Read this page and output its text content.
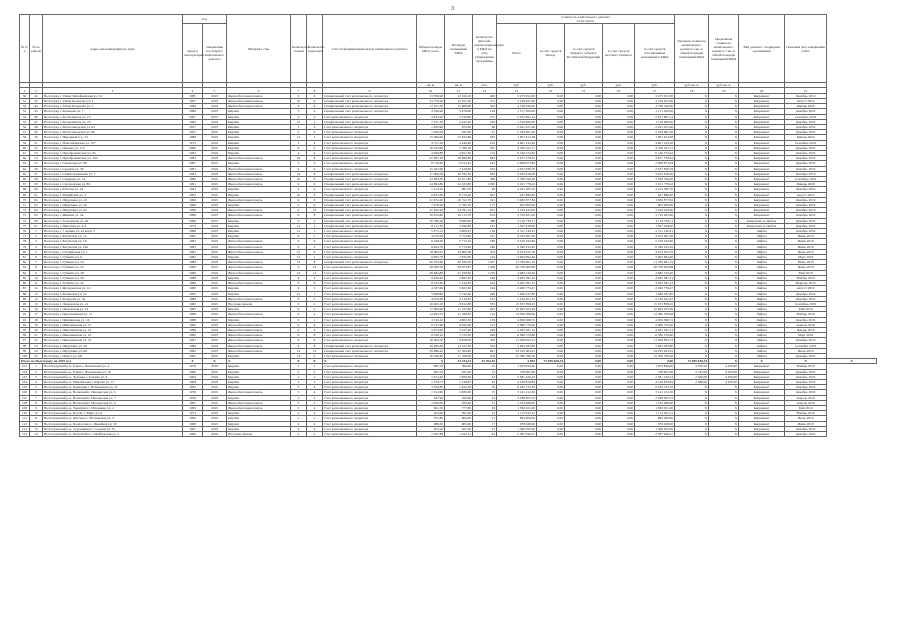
3
№ п/п	№ по району	Адрес многоквартирного дома	Год		Материал стен	Количество этажей	Количество подъездов	Способ формирования фонда капитального ремонта	Общая площадь МКД, всего	Площадь помещений МКД	Количество жителей, зарегистрированных в МКД на дату утверждения программы	Стоимость капитального ремонта
в том числе:					Удельная стоимость капитального ремонта 1 кв. м общей площади помещений МКД	Предельная стоимость капитального ремонта 1 кв. м общей площади помещений МКД	Вид ремонта / подрядная организация	Плановая дата завершения работ	
			ввода в эксплуатацию	завершения последнего капитального ремонта								Всего	за счет средств Фонда	за счет средств бюджета субъекта Российской Федерации	за счет средств местного бюджета	за счет средств собственников помещений в МКД					
									кв. м	кв. м	чел.	руб.	руб.	руб.	руб.	руб.	руб./кв. м	руб./кв. м			
1	2	3	4	5	6	7	8	9	10	11	12	13	14	15	16	17	18	19	20	21	
50	42	Волгоград г, Улица Тимофеевская ул, 52	1985	2019	Железобетонная панель	9	6	Специальный счет регионального оператора	13 766,90	12 016,20	460	3 475 952,00	0,00	0,00	0,00	3 475 952,00	X	X	Капремонт	Октябрь 2019	
51	43	Волгоград г, Улица Кольцова ул, 3	1997	2019	Железобетонная панель	10	6	Специальный счет регионального оператора	13 776,20	12 451,50	511	3 518 461,00	0,00	0,00	0,00	3 518 461,00	X	X	Капремонт	Август 2019	
52	44	Волгоград г, Улица Кольцова ул, 5	1996	2019	Железобетонная панель	9	6	Специальный счет регионального оператора	17 911,50	15 968,60	502	4 728 344,00	0,00	0,00	0,00	4 728 344,00	X	X	Капремонт	Январь 2020	
53	45	Волгоград г, Кольцова ул, 7	1989	2019	Кирпич	5	4	Специальный счет регионального оператора	4 596,90	3 478,60	149	1 171 500,00	0,00	0,00	0,00	1 171 500,00	X	X	Капремонт	Декабрь 2019	
54	46	Волгоград г, Космонавтов ул, 15	1967	2019	Кирпич	5	3	Счет регионального оператора	4 843,20	3 239,80	275	2 431 891,14	0,00	0,00	0,00	2 431 891,14	X	X	Капремонт	Сентябрь 2019	
55	47	Волгоград г, Космонавтов ул, 23	1982	2019	Кирпич	12	1	Специальный счет регионального оператора	7 537,30	4 412,20	226	1 310 000,00	0,00	0,00	0,00	1 310 000,00	X	X	Капремонт	Декабрь 2019	
56	48	Волгоград г, Мачтозаводская ул, 64	1957	2019	Кирпич	3	4	Счет регионального оператора	1 400,90	970,60	66	2 421 451,40	0,00	0,00	0,00	2 421 451,40	X	X	Капремонт	Декабрь 2019	
57	49	Волгоград г, Мачтозаводская ул, 66	1957	2019	Кирпич	3	4	Счет регионального оператора	1 408,50	932,50	47	2 544 681,20	0,00	0,00	0,00	2 544 681,20	X	X	Капремонт	Декабрь 2019	
58	50	Волгоград г, Народный б-р, 74	1988	2019	Кирпич	14	1	Счет регионального оператора	15 966,00	12 645,80	583	1 607 614,38	0,00	0,00	0,00	1 607 614,38	X	X	Капремонт	Январь 2020	
59	51	Волгоград г, Новосибирская ул, 127	1975	2019	Кирпич	5	4	Счет регионального оператора	4 751,20	4 440,60	232	4 601 143,20	0,00	0,00	0,00	4 601 143,20	X	X	Капремонт	Сентябрь 2019	
60	52	Волгоград г, Пельше ул, 115	2006	2019	Кирпич	9	5	Счет регионального оператора	10 242,90	7 786,10	307	4 760 161,17	0,00	0,00	0,00	4 760 161,17	X	X	Капремонт	Декабрь 2019	
61	53	Волгоград г, Преображенская ул, 85	1963	2019	Кирпич	4	4	Счет регионального оператора	4 296,80	2 951,50	115	6 140 374,62	0,00	0,00	0,00	6 140 374,62	X	X	Капремонт	Декабрь 2019	
62	54	Волгоград г, Преображенская ул, 102	1984	2019	Железобетонная панель	10	8	Счет регионального оператора	21 967,30	18 699,80	683	4 677 578,52	0,00	0,00	0,00	4 677 578,52	X	X	Капремонт	Декабрь 2019	
63	55	Волгоград г, Саренская ул, 86	1987	2019	Кирпич	5	6	Счет регионального оператора	8 718,40	6 014,45	162	2 969 873,84	0,00	0,00	0,00	2 969 873,84	X	X	Капремонт	Декабрь 2019	
64	56	Волгоград г, Садовая ул, 36	1981	2019	Железобетонная панель	9	6	Счет регионального оператора	15 181,90	7 429,90	354	2 677 836,79	0,00	0,00	0,00	2 677 836,79	X	X	Капремонт	Декабрь 2019	
65	57	Волгоград г, Семипалатинская ул, 7	2004	2019	Железобетонная панель	16	6	Специальный счет регионального оператора	17 000,00	16 334,30	605	3 023 616,00	0,00	0,00	0,00	3 023 616,00	X	X	Капремонт	Октябрь 2019	
66	58	Волгоград г, Северная ул, 14	1989	2019	Железобетонная панель	10	6	Специальный счет регионального оператора	12 984,50	10 671,80	386	3 798 796,00	0,00	0,00	0,00	3 798 796,00	X	X	Капремонт	Сентябрь 2019	
67	59	Волгоград г, Суворовская ул, 86	1991	2019	Железобетонная панель	9	6	Специальный счет регионального оператора	24 864,80	24 325,80	1 000	3 451 778,43	0,00	0,00	0,00	3 451 778,43	X	X	Капремонт	Январь 2020	
68	60	Волгоград г, Рабочая ул, 24	1963	2019	Кирпич	3	2	Счет регионального оператора	1 515,50	981,70	48	4 105 382,70	0,00	0,00	0,00	4 105 382,70	X	X	Капремонт	Декабрь 2019	
69	61	Волгоград г, Марийская ул, 3	2004	2019	Кирпич	10	3	Специальный счет регионального оператора	9 841,90	8 776,40	407	947 880,00	0,00	0,00	0,00	947 880,00	X	X	Капремонт	Август 2019	
70	62	Волгоград г, Шурухина ул, 10	1969	2019	Железобетонная панель	9	6	Специальный счет регионального оператора	21 672,20	16 741,70	521	3 065 877,84	0,00	0,00	0,00	3 065 877,84	X	X	Капремонт	Октябрь 2019	
71	63	Волгоград г, Шурухина ул, 20	1969	2019	Кирпич	5	6	Специальный счет регионального оператора	7 478,50	5 782,10	177	902 900,00	0,00	0,00	0,00	902 900,00	X	X	Капремонт	Декабрь 2019	
72	64	Волгоград г, Шурухина ул, 62	1996	2019	Железобетонная панель	9	12	Специальный счет регионального оператора	27 942,20	24 791,10	951	3 544 443,00	0,00	0,00	0,00	3 544 443,00	X	X	Капремонт	Октябрь 2019	
73	65	Волгоград г, Жилина ул, 34	1988	2019	Железобетонная панель	9	8	Специальный счет регионального оператора	18 810,80	16 113,70	674	3 750 461,00	0,00	0,00	0,00	3 750 461,00	X	X	Капремонт	Декабрь 2019	
74	66	Волгоград г, Хользунова ул, 40	1990	2019	Кирпич	9	2	Специальный счет регионального оператора	10 786,30	9 680,90	388	4 116 738,11	0,00	0,00	0,00	4 116 738,11	X	X	Капремонт и Лифты	Декабрь 2019	
75	67	Волгоград г, Шумская ул, 4/4	1979	2019	Кирпич	12	1	Специальный счет регионального оператора	8 111,30	7 090,80	181	1 307 918,00	0,00	0,00	0,00	1 307 918,00	X	X	Капремонт и Лифты	Декабрь 2019	
76	1	Волгоград г, 7 Армии ул, 24 корп. 3	1988	2019	Кирпич	12	1	Счет регионального оператора	5 375,13	3 906,03	136	2 311 136,41	0,00	0,00	0,00	2 311 136,41	X	X	Лифты	Декабрь 2019	
77	2	Волгоград г, Батумская ул, 14	1982	2019	Кирпич	9	1	Счет регионального оператора	4 076,26	3 754,60	107	4 455 481,50	0,00	0,00	0,00	4 455 481,50	X	X	Лифты	Июнь 2019	
78	3	Волгоград г, Батумская ул, 16	1983	2019	Железобетонная панель	9	6	Счет регионального оператора	6 166,90	5 715,10	180	2 316 192,90	0,00	0,00	0,00	2 316 192,90	X	X	Лифты	Июнь 2019	
79	4	Волгоград г, Батумская ул, 20а	1983	2019	Железобетонная панель	9	3	Счет регионального оператора	8 964,70	5 779,60	266	6 560 232,65	0,00	0,00	0,00	6 560 232,65	X	X	Лифты	Июнь 2019	
80	5	Волгоград г, Гагаринская ул, 1	1983	2019	Железобетонная панель	12	6	Счет регионального оператора	19 695,61	14 900,38	454	4 453 812,76	0,00	0,00	0,00	4 453 812,76	X	X	Лифты	Июль 2019	
81	6	Волгоград г, Губкина ул, 6	1982	2019	Кирпич	12	1	Счет регионального оператора	9 085,70	7 835,00	194	3 964 694,40	0,00	0,00	0,00	3 964 694,40	X	X	Лифты	Март 2019	
82	7	Волгоград г, Губкина ул, 34	1986	2019	Железобетонная панель	12	8	Специальный счет регионального оператора	20 703,60	20 160,30	1 457	11 769 601,19	0,00	0,00	0,00	11 769 601,19	X	X	Лифты	Июнь 2019	
83	8	Волгоград г, Губкина ул, 25	1984	2019	Железобетонная панель	9	14	Счет регионального оператора	38 280,20	28 873,87	1 368	26 758 406,88	0,00	0,00	0,00	26 758 406,88	X	X	Лифты	Июнь 2019	
84	9	Волгоград г, Губкина ул, 28	1986	2019	Железобетонная панель	12	14	Счет регионального оператора	28 684,80	27 918,60	1 279	4 982 519,40	0,00	0,00	0,00	4 982 519,40	X	X	Лифты	Май 2019	
85	10	Волгоград г, Губкина ул, 30	1988	2019	Кирпич	9	2	Счет регионального оператора	9 456,20	7 862,20	199	4 465 581,14	0,00	0,00	0,00	4 465 581,14	X	X	Лифты	Ноябрь 2019	
86	11	Волгоград г, Губкина ул, 32	1988	2019	Железобетонная панель	9	6	Счет регионального оператора	8 164,40	7 244,20	224	4 465 581,14	0,00	0,00	0,00	4 465 581,14	X	X	Лифты	Февраль 2019	
87	12	Волгоград г, Жолудевская ул, 14	1980	2019	Кирпич	9	2	Счет регионального оператора	4 187,60	3 603,30	196	2 266 776,47	0,00	0,00	0,00	2 266 776,47	X	X	Лифты	Август 2019	
88	13	Волгоград г, Кельнская ул, 12	1985	2019	Кирпич	12	1	Счет регионального оператора	5 698,80	5 742,40	209	1 466 247,85	0,00	0,00	0,00	1 466 247,85	X	X	Лифты	Декабрь 2019	
89	14	Волгоград г, Кольцова ул, 34	1988	2019	Железобетонная панель	9	2	Счет регионального оператора	4 076,26	3 116,65	107	2 216 201,25	0,00	0,00	0,00	2 216 201,25	X	X	Лифты	Декабрь 2019	
90	15	Волгоград г, Лавровская ул, 14	1982	2019	Несущие панели	9	2	Счет регионального оператора	10 463,18	8 612,80	355	15 672 858,45	0,00	0,00	0,00	15 672 858,45	X	X	Лифты	Сентябрь 2019	
91	16	Волгоград г, Лавровская ул, 16	1983	2019	Кирпич	9	5	Счет регионального оператора	17 090,00	11 531,80	225	10 693 023,36	0,00	0,00	0,00	10 693 023,36	X	X	Лифты	Май 2019	
92	17	Волгоград г, Первомайская ул, 11	1988	2019	Железобетонная панель	9	4	Счет регионального оператора	14 405,70	11 348,30	122	13 396 708,08	0,00	0,00	0,00	13 396 708,08	X	X	Лифты	Ноябрь 2019	
93	18	Волгоград г, Цимлянская ул, 16	1988	2019	Кирпич	9	1	Счет регионального оператора	3 316,10	4 803,50	139	4 656 368,72	0,00	0,00	0,00	4 656 368,72	X	X	Лифты	Декабрь 2019	
94	19	Волгоград г, Шекснинская ул, 15	1982	2019	Железобетонная панель	9	6	Счет регионального оператора	8 737,60	6 942,40	313	5 980 779,20	0,00	0,00	0,00	5 980 779,20	X	X	Лифты	Апрель 2019	
95	20	Волгоград г, Шекснинская ул, 16	1988	2019	Железобетонная панель	9	6	Счет регионального оператора	5 673,90	5 527,40	249	4 465 581,14	0,00	0,00	0,00	4 465 581,14	X	X	Лифты	Январь 2019	
96	21	Волгоград г, Шекснинская ул, 22	1982	2019	Железобетонная панель	9	8	Счет регионального оператора	9 740,10	5 723,30	304	6 380 579,60	0,00	0,00	0,00	6 380 579,60	X	X	Лифты	Март 2019	
97	22	Волгоград г, Шекснинская ул, 25	1981	2019	Железобетонная панель	9	6	Счет регионального оператора	10 094,50	9 828,00	306	11 028 852,15	0,00	0,00	0,00	11 028 852,15	X	X	Лифты	Октябрь 2019	
98	23	Волгоград г, Шурухина ул, 26	1986	2019	Железобетонная панель	9	8	Специальный счет регионального оператора	16 289,40	14 522,30	524	5 695 363,80	0,00	0,00	0,00	5 695 363,80	X	X	Лифты	Сентябрь 2019	
99	24	Волгоград г, Шурухина ул, 98	1982	2019	Железобетонная панель	12	12	Специальный счет регионального оператора	39 896,20	31 394,60	841	34 163 003,91	0,00	0,00	0,00	34 163 003,91	X	X	Лифты	Июль 2019	
100	25	Волгоград г, Щорса ул, 68	1985	2019	Кирпич	14	2	Счет регионального оператора	10 326,40	11 768,90	476	15 786 796,20	0,00	0,00	0,00	15 786 796,20	X	X	Лифты	Декабрь 2019	
Итого по Волгограду на 2019 год			X	X	X	X	X	X	X	34 234,23	25 704,16	2 692	73 059 628,34	0,00	0,00	0,00	73 059 628,34	X	X	X	X
101	1	Волгоградский р-н, Елань г, Вокзальная ул, 4	1979	2019	Кирпич	2	2	Счет регионального оператора	682,70	566,60	25	1 053 844,00	0,00	0,00	0,00	1 053 844,00	2 700,18	4 670,00	Капремонт	Ноябрь 2019	
102	2	Волгоградский р-н, Елань г, Вокзальная ул, 10	1986	2019	Кирпич	2	2	Счет регионального оператора	495,70	425,20	15	758 905,00	0,00	0,00	0,00	758 905,00	2 745,00	4 670,00	Капремонт	Декабрь 2019	
103	3	Волгоградский р-н, Дубовка г, Зеленая ул, 4	1964	2019	Кирпич	2	2	Счет регионального оператора	1 074,40	1 000,00	43	2 581 226,23	0,00	0,00	0,00	2 581 226,23	2 390,00	4 670,00	Капремонт	Декабрь 2019	
104	4	Волгоградский р-н, Михайловка г, Кирова ул, 15	1968	2019	Кирпич	3	3	Счет регионального оператора	1 378,77	1 146,87	45	4 146 879,84	0,00	0,00	0,00	4 146 879,84	2 488,00	4 670,00	Капремонт	Декабрь 2019	
105	5	Волгоградский р-н, Камышин г, Набережная ул, 37	1963	2019	Кирпич	5	4	Счет регионального оператора	3 706,85	1 822,56	76	6 182 733,76	0,00	0,00	0,00	6 182 733,76	X	X	Капремонт	Декабрь 2019	
106	6	Волгоградский р-н, Волжский г, Пионерская ул, 5	1976	2019	Железобетонная панель	5	4	Счет регионального оператора	1 312,90	1 080,00	57	3 141 212,36	0,00	0,00	0,00	3 141 212,36	X	X	Капремонт	Декабрь 2019	
107	7	Волгоградский р-н, Волжский г, Пионерская ул, 7	1959	2019	Кирпич	2	2	Счет регионального оператора	447,90	356,60	23	2 048 005,53	0,00	0,00	0,00	2 048 005,53	X	X	Капремонт	Апрель 2019	
108	8	Волгоградский р-н, Волжский г, Пионерская ул, 9	1987	2019	Железобетонная панель	5	2	Счет регионального оператора	1 099,00	976,00	31	1 534 488,00	0,00	0,00	0,00	1 534 488,00	X	X	Капремонт	Апрель 2019	
109	9	Волгоградский р-н, Урюпинск г, Штеменко ул, 2	1965	2019	Железобетонная панель	5	4	Счет регионального оператора	901,70	777,80	29	1 382 021,00	0,00	0,00	0,00	1 382 021,00	X	X	Капремонт	Май 2019	
110	10	Волгоградский р-н, Котово г, Мира ул, 6	1974	2019	Кирпич	2	2	Счет регионального оператора	424,50	391,20	15	1 115 032,12	0,00	0,00	0,00	1 115 032,12	X	X	Капремонт	Ноябрь 2019	
111	11	Волгоградский р-н, Фролово г, Московская ул, 4	1982	2019	Кирпич	2	2	Счет регионального оператора	751,80	604,00	27	893 000,00	0,00	0,00	0,00	893 000,00	X	X	Капремонт	Июль 2019	
112	12	Волгоградский р-н, Палласовка г, Линейная ул, 18	1968	2019	Кирпич	2	2	Счет регионального оператора	988,30	805,60	17	978 648,00	0,00	0,00	0,00	978 648,00	X	X	Капремонт	Июнь 2019	
113	13	Волгоградский р-н, Суровикино г, Садовая ул, 35	1967	2019	Кирпич	3	3	Счет регионального оператора	874,10	621,30	32	1 366 650,00	0,00	0,00	0,00	1 366 650,00	X	X	Капремонт	Декабрь 2019	
114	14	Волгоградский р-н, Петров Вал г, Октябрьская ул, 5	1960	2019	Несущие панели	2	2	Счет регионального оператора	1 587,80	1 322,12	44	2 587 946,27	0,00	0,00	0,00	2 587 946,27	X	X	Капремонт	Декабрь 2019	
